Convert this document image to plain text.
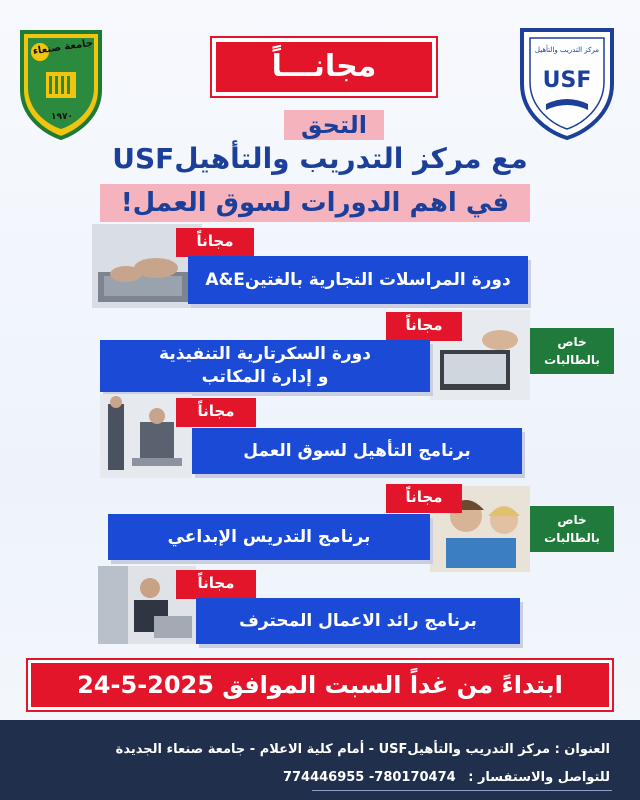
جامعة صنعاء
١٩٧٠
USF
مركز التدريب والتأهيل
مجانـــاً
التحق
مع مركز التدريب والتأهيلUSF
في اهم الدورات لسوق العمل!
مجاناً
دورة المراسلات التجارية بالغتينA&E
مجاناً
دورة السكرتارية التنفيذية
و إدارة المكاتب
خاص
بالطالبات
مجاناً
برنامج التأهيل لسوق العمل
مجاناً
برنامج التدريس الإبداعي
خاص
بالطالبات
مجاناً
برنامج رائد الاعمال المحترف
ابتداءً من غداً السبت الموافق 2025-5-24
العنوان : مركز التدريب والتأهيلUSF - أمام كلية الاعلام - جامعة صنعاء الجديدة
للتواصل والاستفسار : 774446955 -780170474
